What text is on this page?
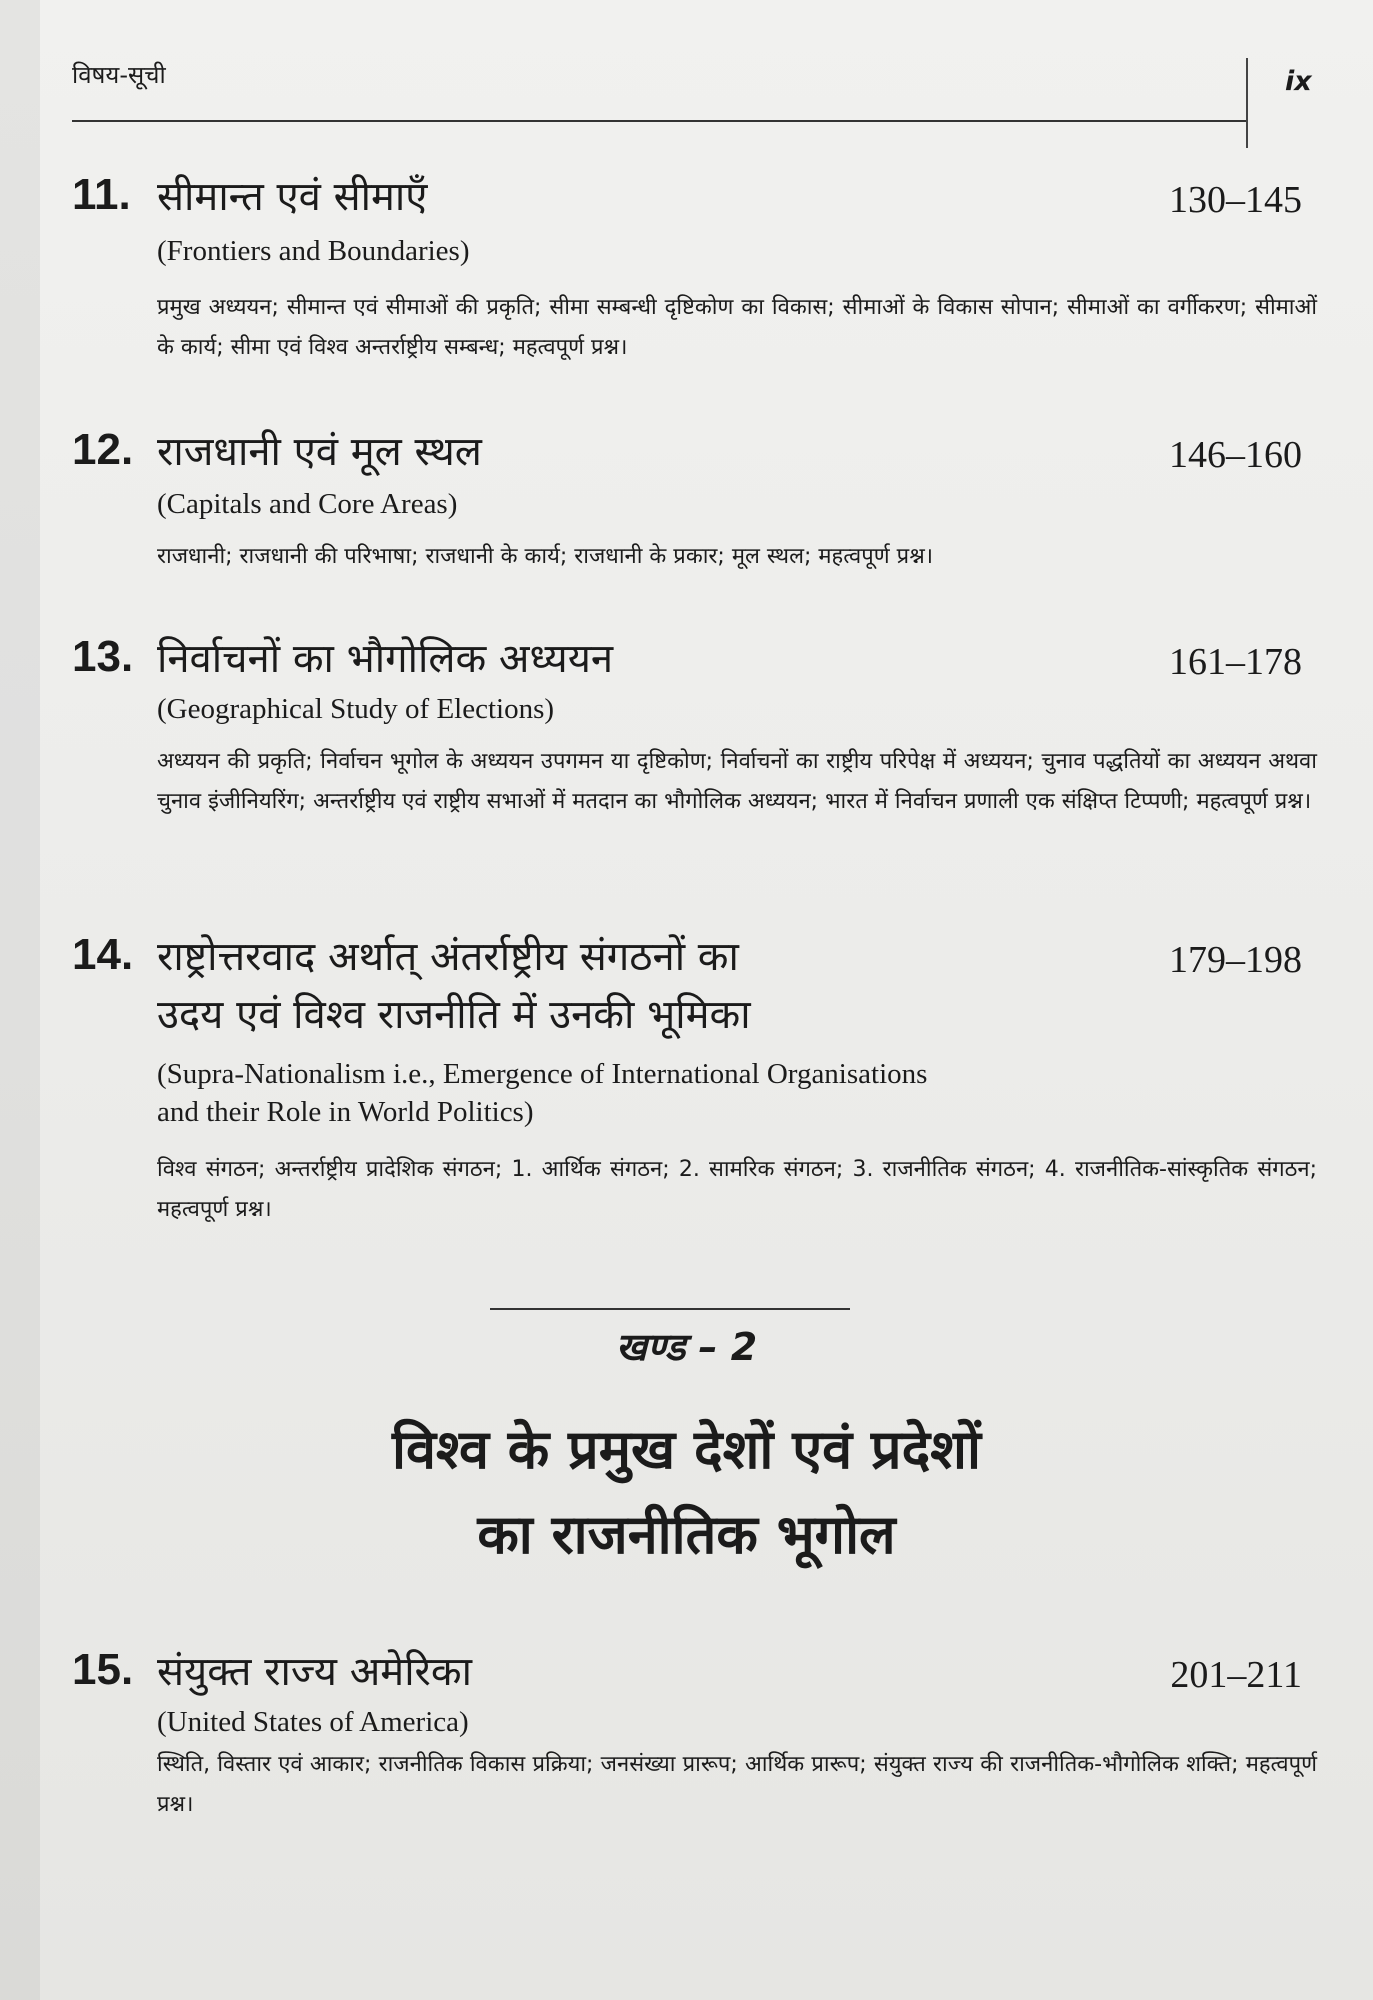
विषय-सूची	ix
11. सीमान्त एवं सीमाएँ	130–145
(Frontiers and Boundaries)
प्रमुख अध्ययन; सीमान्त एवं सीमाओं की प्रकृति; सीमा सम्बन्धी दृष्टिकोण का विकास; सीमाओं के विकास सोपान; सीमाओं का वर्गीकरण; सीमाओं के कार्य; सीमा एवं विश्व अन्तर्राष्ट्रीय सम्बन्ध; महत्वपूर्ण प्रश्न।
12. राजधानी एवं मूल स्थल	146–160
(Capitals and Core Areas)
राजधानी; राजधानी की परिभाषा; राजधानी के कार्य; राजधानी के प्रकार; मूल स्थल; महत्वपूर्ण प्रश्न।
13. निर्वाचनों का भौगोलिक अध्ययन	161–178
(Geographical Study of Elections)
अध्ययन की प्रकृति; निर्वाचन भूगोल के अध्ययन उपगमन या दृष्टिकोण; निर्वाचनों का राष्ट्रीय परिपेक्ष में अध्ययन; चुनाव पद्धतियों का अध्ययन अथवा चुनाव इंजीनियरिंग; अन्तर्राष्ट्रीय एवं राष्ट्रीय सभाओं में मतदान का भौगोलिक अध्ययन; भारत में निर्वाचन प्रणाली एक संक्षिप्त टिप्पणी; महत्वपूर्ण प्रश्न।
14. राष्ट्रोत्तरवाद अर्थात् अंतर्राष्ट्रीय संगठनों का
उदय एवं विश्व राजनीति में उनकी भूमिका
179–198
(Supra-Nationalism i.e., Emergence of International Organisations
and their Role in World Politics)
विश्व संगठन; अन्तर्राष्ट्रीय प्रादेशिक संगठन; 1. आर्थिक संगठन; 2. सामरिक संगठन; 3. राजनीतिक संगठन; 4. राजनीतिक-सांस्कृतिक संगठन; महत्वपूर्ण प्रश्न।
खण्ड – 2
विश्व के प्रमुख देशों एवं प्रदेशों
का राजनीतिक भूगोल
15. संयुक्त राज्य अमेरिका	201–211
(United States of America)
स्थिति, विस्तार एवं आकार; राजनीतिक विकास प्रक्रिया; जनसंख्या प्रारूप; आर्थिक प्रारूप; संयुक्त राज्य की राजनीतिक-भौगोलिक शक्ति; महत्वपूर्ण प्रश्न।
